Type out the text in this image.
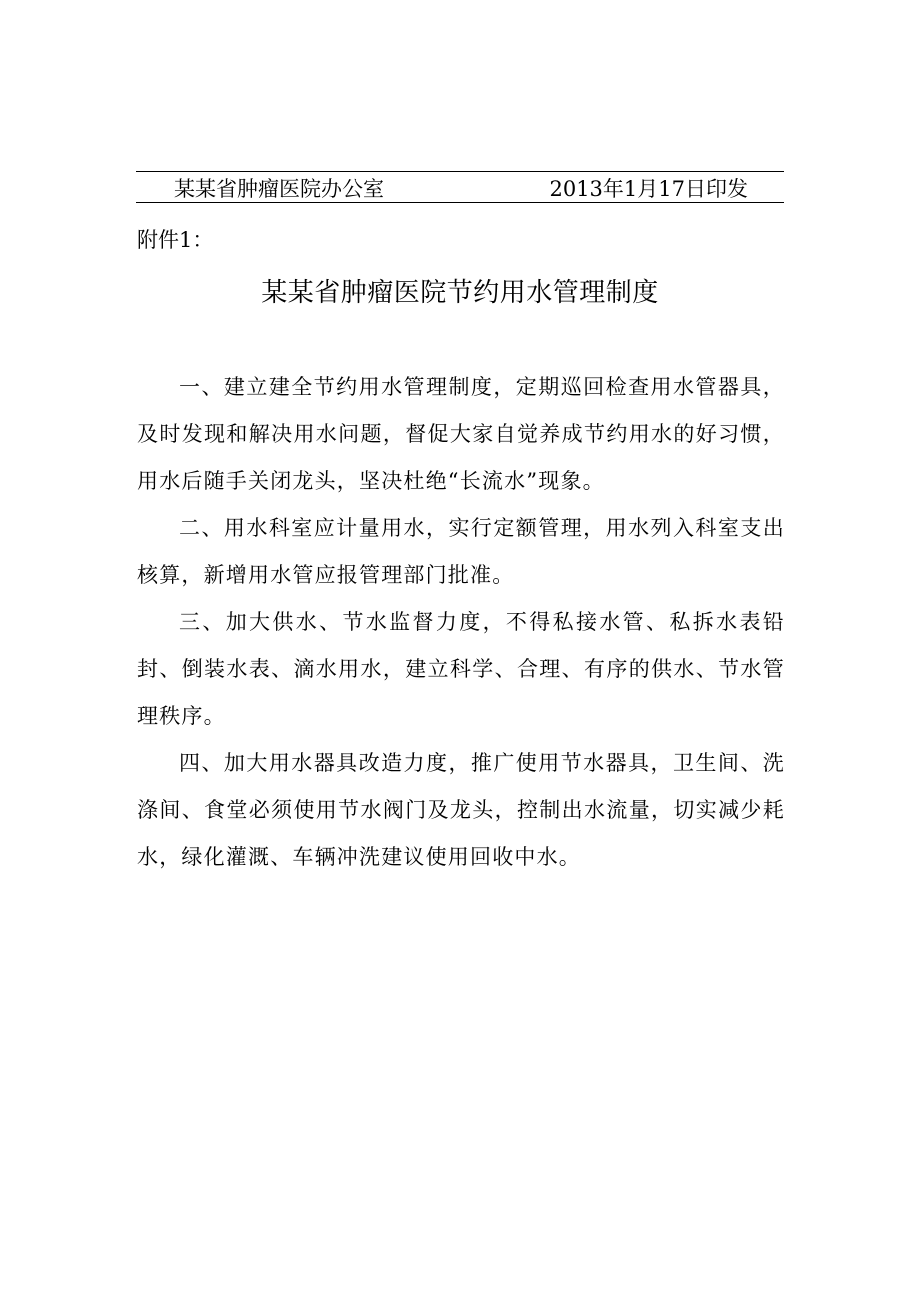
某某省肿瘤医院办公室	2013年1月17日印发
附件1：
某某省肿瘤医院节约用水管理制度

一、建立建全节约用水管理制度，定期巡回检查用水管器具，及时发现和解决用水问题，督促大家自觉养成节约用水的好习惯，用水后随手关闭龙头，坚决杜绝“长流水”现象。

二、用水科室应计量用水，实行定额管理，用水列入科室支出核算，新增用水管应报管理部门批准。

三、加大供水、节水监督力度，不得私接水管、私拆水表铅封、倒装水表、滴水用水，建立科学、合理、有序的供水、节水管理秩序。

四、加大用水器具改造力度，推广使用节水器具，卫生间、洗涤间、食堂必须使用节水阀门及龙头，控制出水流量，切实减少耗水，绿化灌溉、车辆冲洗建议使用回收中水。
